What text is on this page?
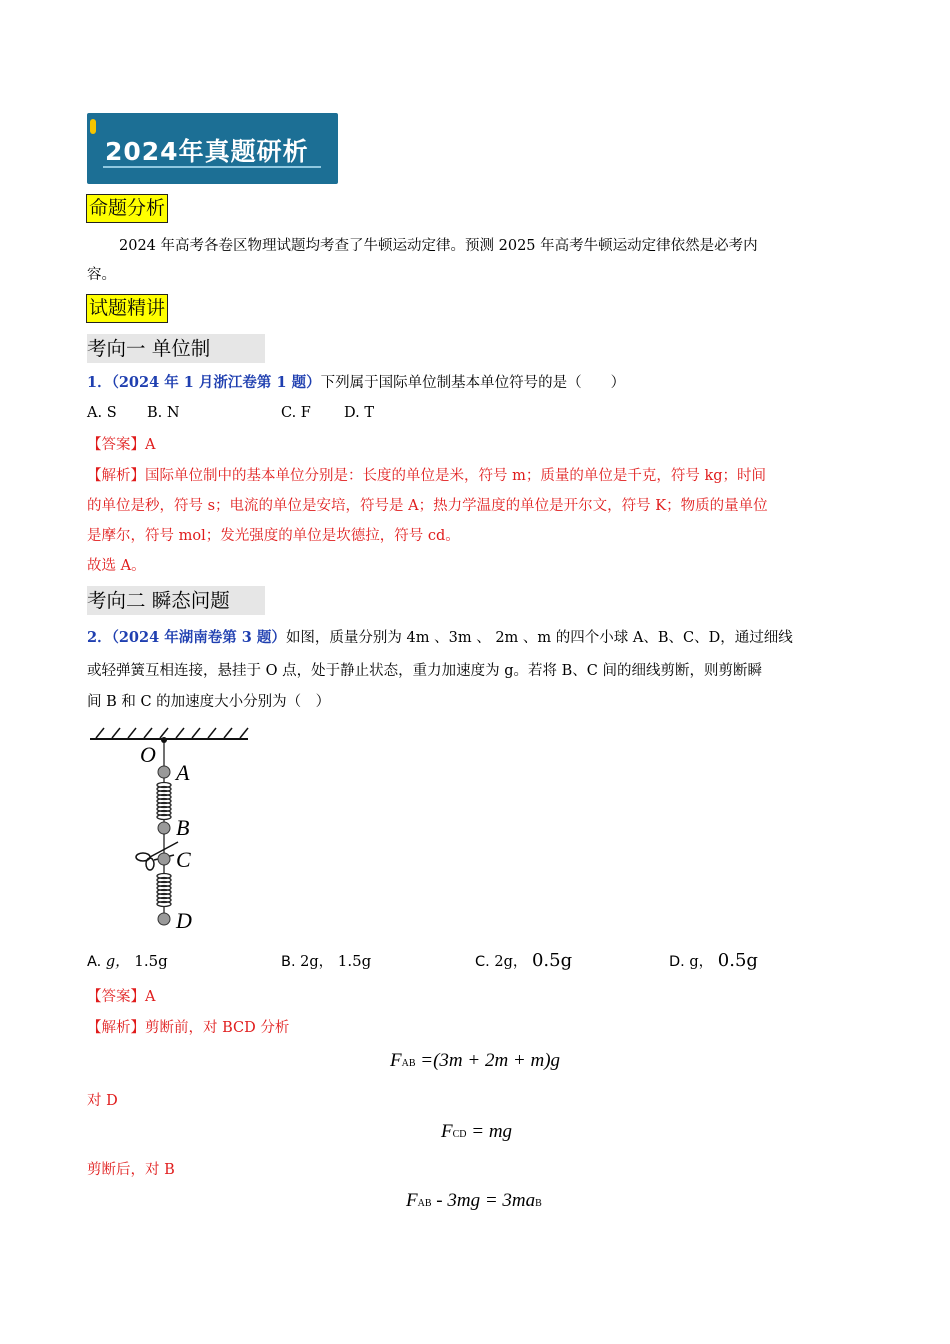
2024年真题研析
命题分析
2024 年高考各卷区物理试题均考查了牛顿运动定律。预测 2025 年高考牛顿运动定律依然是必考内
容。
试题精讲
考向一 单位制
1．（2024 年 1 月浙江卷第 1 题）下列属于国际单位制基本单位符号的是（　　）
A. S B. N	C. F D. T
【答案】A
【解析】国际单位制中的基本单位分别是：长度的单位是米，符号 m；质量的单位是千克，符号 kg；时间
的单位是秒，符号 s；电流的单位是安培，符号是 A；热力学温度的单位是开尔文，符号 K；物质的量单位
是摩尔，符号 mol；发光强度的单位是坎德拉，符号 cd。
故选 A。
考向二 瞬态问题
2．（2024 年湖南卷第 3 题）如图，质量分别为 4m 、3m 、 2m 、m 的四个小球 A、B、C、D，通过细线
或轻弹簧互相连接，悬挂于 O 点，处于静止状态，重力加速度为 g。若将 B、C 间的细线剪断，则剪断瞬
间 B 和 C 的加速度大小分别为（　）
O
A
B
C
D
A. g， 1.5g	B. 2g， 1.5g	C. 2g， 0.5g	D. g， 0.5g
【答案】A
【解析】剪断前，对 BCD 分析
FAB =(3m + 2m + m)g
对 D
FCD = mg
剪断后，对 B
FAB - 3mg = 3maB
